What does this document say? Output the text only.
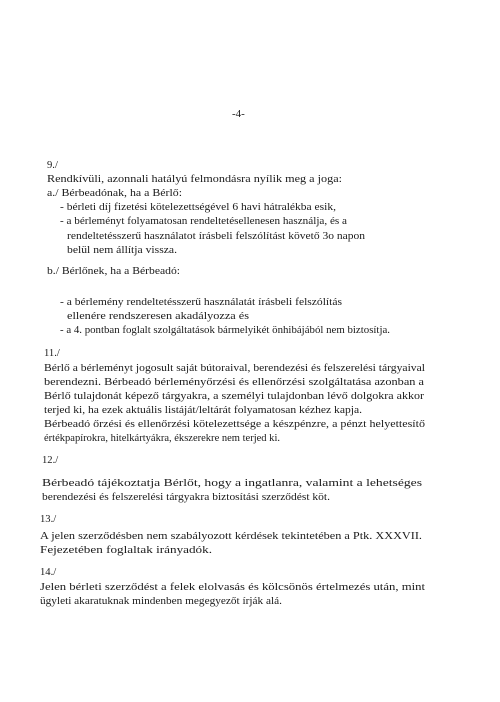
-4-
9./
Rendkívüli, azonnali hatályú felmondásra nyílik meg a joga:
a./ Bérbeadónak, ha a Bérlő:
- bérleti díj fizetési kötelezettségével 6 havi hátralékba esik,
- a bérleményt folyamatosan rendeltetésellenesen használja, és a
rendeltetésszerű használatot írásbeli felszólítást követő 3o napon
belül nem állítja vissza.
b./ Bérlőnek, ha a Bérbeadó:
- a bérlemény rendeltetésszerű használatát írásbeli felszólítás
ellenére rendszeresen akadályozza és
- a 4. pontban foglalt szolgáltatások bármelyikét önhibájából nem biztosítja.
11./
Bérlő a bérleményt jogosult saját bútoraival, berendezési és felszerelési tárgyaival
berendezni. Bérbeadó bérleményőrzési és ellenőrzési szolgáltatása azonban a
Bérlő tulajdonát képező tárgyakra, a személyi tulajdonban lévő dolgokra akkor
terjed ki, ha ezek aktuális listáját/leltárát folyamatosan kézhez kapja.
Bérbeadó őrzési és ellenőrzési kötelezettsége a készpénzre, a pénzt helyettesítő
értékpapírokra, hitelkártyákra, ékszerekre nem terjed ki.
12./
Bérbeadó tájékoztatja Bérlőt, hogy a ingatlanra, valamint a lehetséges
berendezési és felszerelési tárgyakra biztosítási szerződést köt.
13./
A jelen szerződésben nem szabályozott kérdések tekintetében a Ptk. XXXVII.
Fejezetében foglaltak irányadók.
14./
Jelen bérleti szerződést a felek elolvasás és kölcsönös értelmezés után, mint
ügyleti akaratuknak mindenben megegyezőt írják alá.
